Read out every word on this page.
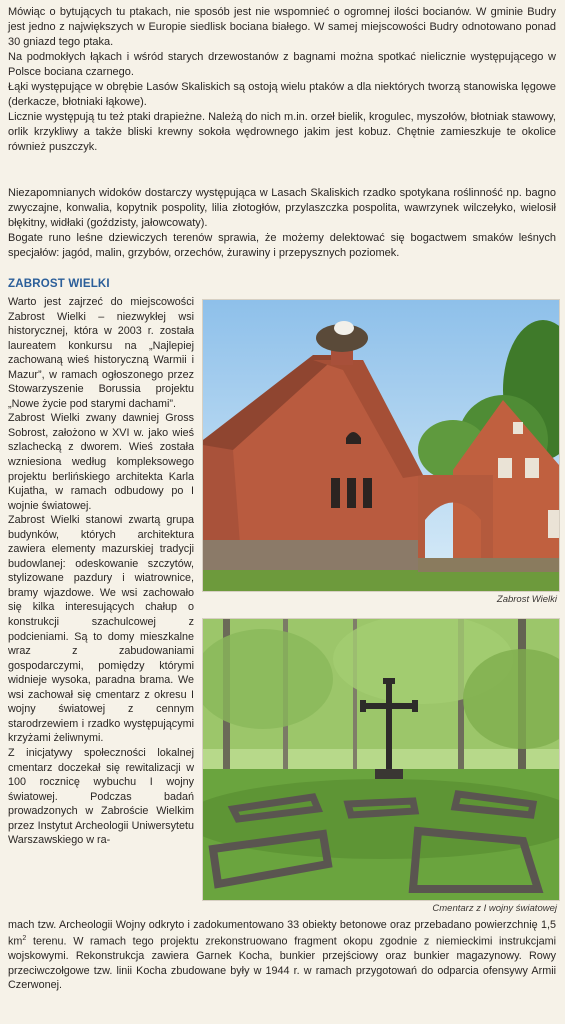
Mówiąc o bytujących tu ptakach, nie sposób jest nie wspomnieć o ogromnej ilości bocianów. W gminie Budry jest jedno z największych w Europie siedlisk bociana białego. W samej miejscowości Budry odnotowano ponad 30 gniazd tego ptaka.

Na podmokłych łąkach i wśród starych drzewostanów z bagnami można spotkać nielicznie występującego w Polsce bociana czarnego.

Łąki występujące w obrębie Lasów Skaliskich są ostoją wielu ptaków a dla niektórych tworzą stanowiska lęgowe (derkacze, błotniaki łąkowe).

Licznie występują tu też ptaki drapieżne. Należą do nich m.in. orzeł bielik, krogulec, myszołów, błotniak stawowy, orlik krzykliwy a także bliski krewny sokoła wędrownego jakim jest kobuz. Chętnie zamieszkuje te okolice również puszczyk.

Niezapomnianych widoków dostarczy występująca w Lasach Skaliskich rzadko spotykana roślinność np. bagno zwyczajne, konwalia, kopytnik pospolity, lilia złotogłów, przylaszczka pospolita, wawrzynek wilczełyko, wielosił błękitny, widłaki (goździsty, jałowcowaty).

Bogate runo leśne dziewiczych terenów sprawia, że możemy delektować się bogactwem smaków leśnych specjałów: jagód, malin, grzybów, orzechów, żurawiny i przepysznych poziomek.

ZABROST WIELKI

Warto jest zajrzeć do miejscowości Zabrost Wielki – niezwykłej wsi historycznej, która w 2003 r. została laureatem konkursu na „Najlepiej zachowaną wieś historyczną Warmii i Mazur”, w ramach ogłoszonego przez Stowarzyszenie Borussia projektu „Nowe życie pod starymi dachami”.

Zabrost Wielki zwany dawniej Gross Sobrost, założono w XVI w. jako wieś szlachecką z dworem. Wieś została wzniesiona według kompleksowego projektu berlińskiego architekta Karla Kujatha, w ramach odbudowy po I wojnie światowej.

Zabrost Wielki stanowi zwartą grupa budynków, których architektura zawiera elementy mazurskiej tradycji budowlanej: odeskowanie szczytów, stylizowane pazdury i wiatrownice, bramy wjazdowe. We wsi zachowało się kilka interesujących chałup o konstrukcji szachulcowej z podcieniami. Są to domy mieszkalne wraz z zabudowaniami gospodarczymi, pomiędzy którymi widnieje wysoka, paradna brama. We wsi zachował się cmentarz z okresu I wojny światowej z cennym starodrzewiem i rzadko występującymi krzyżami żeliwnymi.

Z inicjatywy społeczności lokalnej cmentarz doczekał się rewitalizacji w 100 rocznicę wybuchu I wojny światowej. Podczas badań prowadzonych w Zabroście Wielkim przez Instytut Archeologii Uniwersytetu Warszawskiego w ra-

Zabrost Wielki
Cmentarz z I wojny światowej

mach tzw. Archeologii Wojny odkryto i zadokumentowano 33 obiekty betonowe oraz przebadano powierzchnię 1,5 $km^2$ terenu. W ramach tego projektu zrekonstruowano fragment okopu zgodnie z niemieckimi instrukcjami wojskowymi. Rekonstrukcja zawiera Garnek Kocha, bunkier przejściowy oraz bunkier magazynowy. Rowy przeciwczołgowe tzw. linii Kocha zbudowane były w 1944 r. w ramach przygotowań do odparcia ofensywy Armii Czerwonej.
